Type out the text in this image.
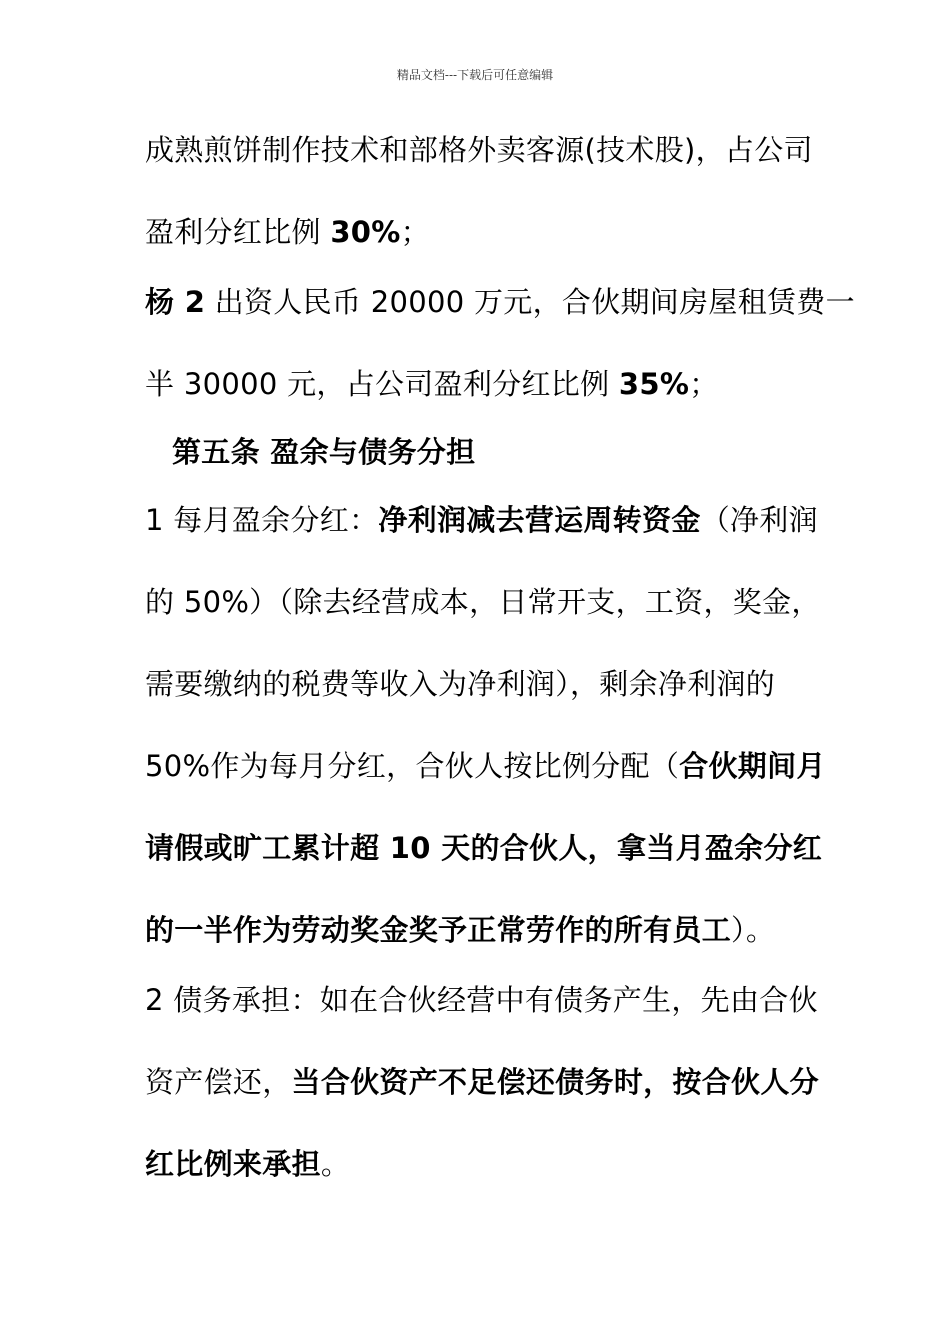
精品文档---下载后可任意编辑
成熟煎饼制作技术和部格外卖客源(技术股)，占公司
盈利分红比例 30%；
杨 2 出资人民币 20000 万元，合伙期间房屋租赁费一
半 30000 元，占公司盈利分红比例 35%；
第五条 盈余与债务分担
1 每月盈余分红：净利润减去营运周转资金（净利润
的 50%）（除去经营成本，日常开支，工资，奖金，
需要缴纳的税费等收入为净利润），剩余净利润的
50%作为每月分红，合伙人按比例分配（合伙期间月
请假或旷工累计超 10 天的合伙人，拿当月盈余分红
的一半作为劳动奖金奖予正常劳作的所有员工）。
2 债务承担：如在合伙经营中有债务产生，先由合伙
资产偿还，当合伙资产不足偿还债务时，按合伙人分
红比例来承担。
